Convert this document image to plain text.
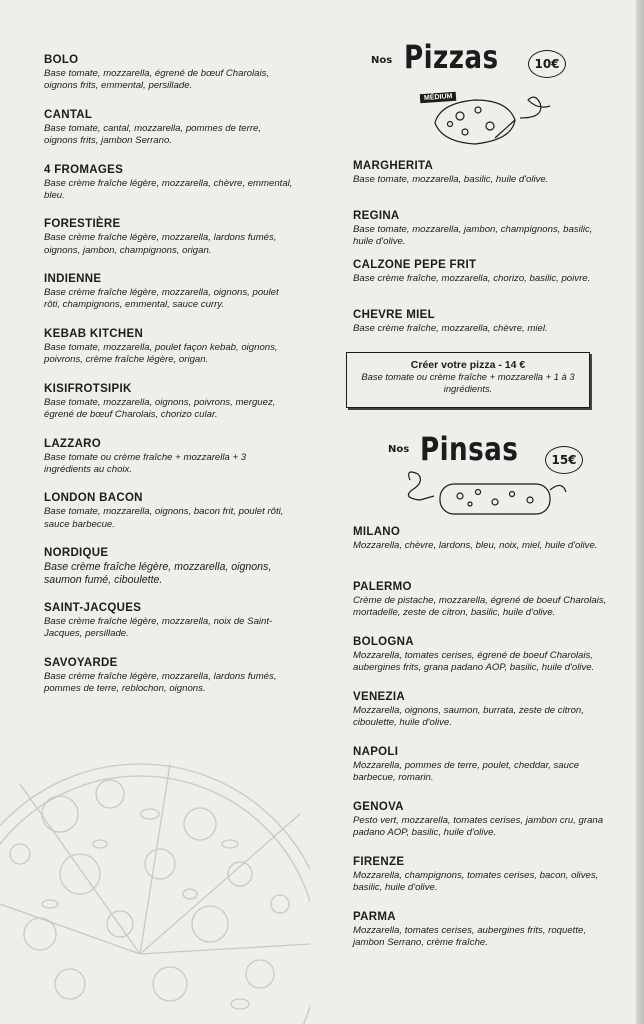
BOLO
Base tomate, mozzarella, égrené de bœuf Charolais, oignons frits, emmental, persillade.
CANTAL
Base tomate, cantal, mozzarella, pommes de terre, oignons frits, jambon Serrano.
4 FROMAGES
Base crème fraîche légère, mozzarella, chèvre, emmental, bleu.
FORESTIÈRE
Base crème fraîche légère, mozzarella, lardons fumés, oignons, jambon, champignons, origan.
INDIENNE
Base crème fraîche légère, mozzarella, oignons, poulet rôti, champignons, emmental, sauce curry.
KEBAB KITCHEN
Base tomate, mozzarella, poulet façon kebab, oignons, poivrons, crème fraîche légère, origan.
KISIFROTSIPIK
Base tomate, mozzarella, oignons, poivrons, merguez, égrené de bœuf Charolais, chorizo cular.
LAZZARO
Base tomate ou crème fraîche + mozzarella + 3 ingrédients au choix.
LONDON BACON
Base tomate, mozzarella, oignons, bacon frit, poulet rôti, sauce barbecue.
NORDIQUE
Base crème fraîche légère, mozzarella, oignons, saumon fumé, ciboulette.
SAINT-JACQUES
Base crème fraîche légère, mozzarella, noix de Saint-Jacques, persillade.
SAVOYARDE
Base crème fraîche légère, mozzarella, lardons fumés, pommes de terre, reblochon, oignons.
Nos Pizzas	10€
MÉDIUM
MARGHERITA
Base tomate, mozzarella, basilic, huile d'olive.
REGINA
Base tomate, mozzarella, jambon, champignons, basilic, huile d'olive.
CALZONE PEPE FRIT
Base crème fraîche, mozzarella, chorizo, basilic, poivre.
CHEVRE MIEL
Base crème fraîche, mozzarella, chèvre, miel.
Créer votre pizza - 14 €
Base tomate ou crème fraîche + mozzarella + 1 à 3 ingrédients.
Nos Pinsas	15€
MILANO
Mozzarella, chèvre, lardons, bleu, noix, miel, huile d'olive.
PALERMO
Crème de pistache, mozzarella, égrené de boeuf Charolais, mortadelle, zeste de citron, basilic, huile d'olive.
BOLOGNA
Mozzarella, tomates cerises, égrené de boeuf Charolais, aubergines frits, grana padano AOP, basilic, huile d'olive.
VENEZIA
Mozzarella, oignons, saumon, burrata, zeste de citron, ciboulette, huile d'olive.
NAPOLI
Mozzarella, pommes de terre, poulet, cheddar, sauce barbecue, romarin.
GENOVA
Pesto vert, mozzarella, tomates cerises, jambon cru, grana padano AOP, basilic, huile d'olive.
FIRENZE
Mozzarella, champignons, tomates cerises, bacon, olives, basilic, huile d'olive.
PARMA
Mozzarella, tomates cerises, aubergines frits, roquette, jambon Serrano, crème fraîche.
